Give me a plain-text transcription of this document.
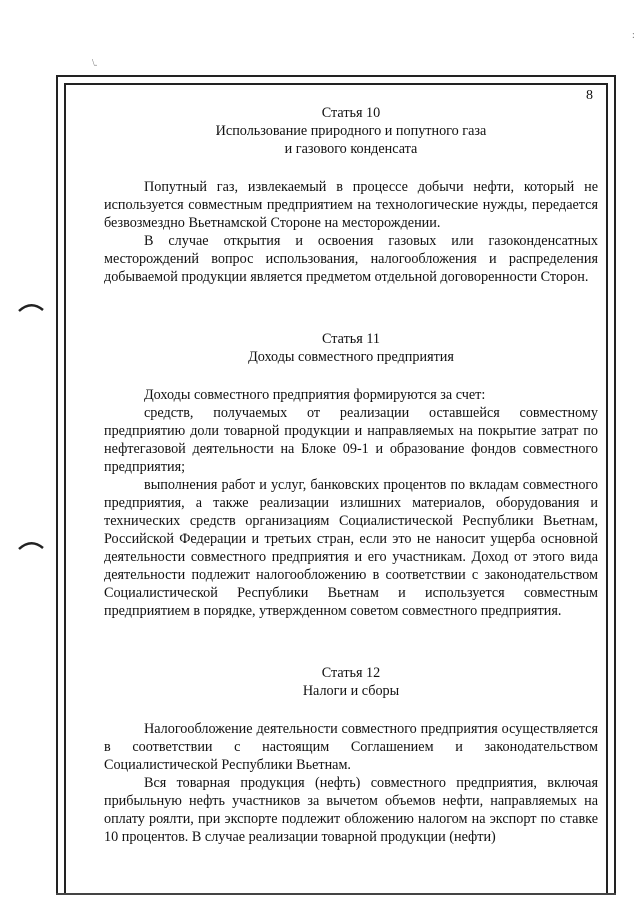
\.
:
8
Статья 10
Использование природного и попутного газа
и газового конденсата

Попутный газ, извлекаемый в процессе добычи нефти, который не используется совместным предприятием на технологические нужды, передается безвозмездно Вьетнамской Стороне на месторождении.

В случае открытия и освоения газовых или газоконденсатных месторождений вопрос использования, налогообложения и распределения добываемой продукции является предметом отдельной договоренности Сторон.

Статья 11
Доходы совместного предприятия

Доходы совместного предприятия формируются за счет:

средств, получаемых от реализации оставшейся совместному предприятию доли товарной продукции и направляемых на покрытие затрат по нефтегазовой деятельности на Блоке 09-1 и образование фондов совместного предприятия;

выполнения работ и услуг, банковских процентов по вкладам совместного предприятия, а также реализации излишних материалов, оборудования и технических средств организациям Социалистической Республики Вьетнам, Российской Федерации и третьих стран, если это не наносит ущерба основной деятельности совместного предприятия и его участникам. Доход от этого вида деятельности подлежит налогообложению в соответствии с законодательством Социалистической Республики Вьетнам и используется совместным предприятием в порядке, утвержденном советом совместного предприятия.

Статья 12
Налоги и сборы

Налогообложение деятельности совместного предприятия осуществляется в соответствии с настоящим Соглашением и законодательством Социалистической Республики Вьетнам.

Вся товарная продукция (нефть) совместного предприятия, включая прибыльную нефть участников за вычетом объемов нефти, направляемых на оплату роялти, при экспорте подлежит обложению налогом на экспорт по ставке 10 процентов. В случае реализации товарной продукции (нефти)
